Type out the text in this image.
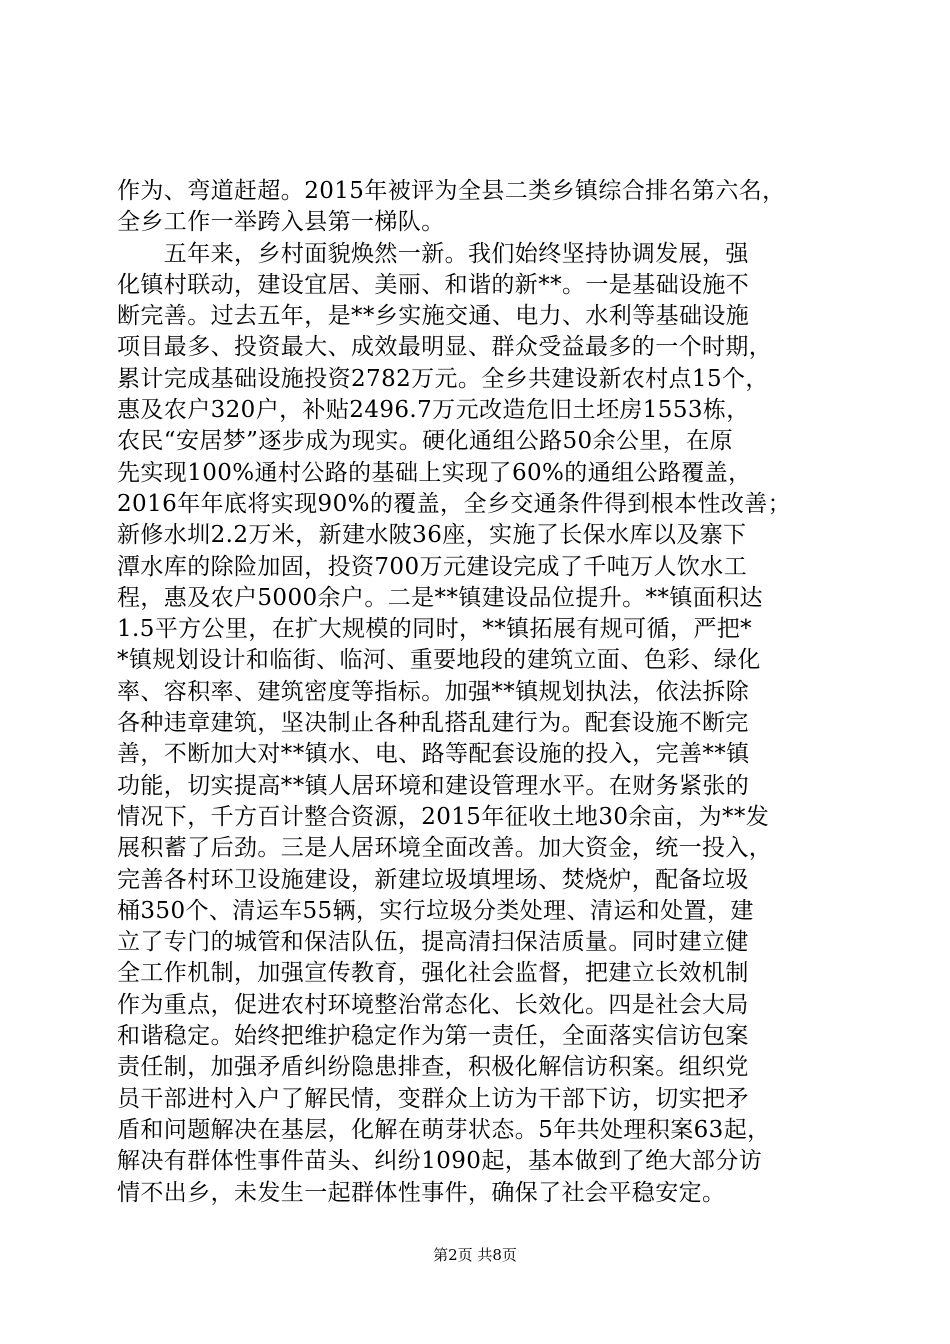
作为、弯道赶超。2015年被评为全县二类乡镇综合排名第六名，
全乡工作一举跨入县第一梯队。
　　五年来，乡村面貌焕然一新。我们始终坚持协调发展，强
化镇村联动，建设宜居、美丽、和谐的新**。一是基础设施不
断完善。过去五年，是**乡实施交通、电力、水利等基础设施
项目最多、投资最大、成效最明显、群众受益最多的一个时期，
累计完成基础设施投资2782万元。全乡共建设新农村点15个，
惠及农户320户，补贴2496.7万元改造危旧土坯房1553栋，
农民“安居梦”逐步成为现实。硬化通组公路50余公里，在原
先实现100%通村公路的基础上实现了60%的通组公路覆盖，
2016年年底将实现90%的覆盖，全乡交通条件得到根本性改善；
新修水圳2.2万米，新建水陂36座，实施了长保水库以及寨下
潭水库的除险加固，投资700万元建设完成了千吨万人饮水工
程，惠及农户5000余户。二是**镇建设品位提升。**镇面积达
1.5平方公里，在扩大规模的同时，**镇拓展有规可循，严把*
*镇规划设计和临街、临河、重要地段的建筑立面、色彩、绿化
率、容积率、建筑密度等指标。加强**镇规划执法，依法拆除
各种违章建筑，坚决制止各种乱搭乱建行为。配套设施不断完
善，不断加大对**镇水、电、路等配套设施的投入，完善**镇
功能，切实提高**镇人居环境和建设管理水平。在财务紧张的
情况下，千方百计整合资源，2015年征收土地30余亩，为**发
展积蓄了后劲。三是人居环境全面改善。加大资金，统一投入，
完善各村环卫设施建设，新建垃圾填埋场、焚烧炉，配备垃圾
桶350个、清运车55辆，实行垃圾分类处理、清运和处置，建
立了专门的城管和保洁队伍，提高清扫保洁质量。同时建立健
全工作机制，加强宣传教育，强化社会监督，把建立长效机制
作为重点，促进农村环境整治常态化、长效化。四是社会大局
和谐稳定。始终把维护稳定作为第一责任，全面落实信访包案
责任制，加强矛盾纠纷隐患排查，积极化解信访积案。组织党
员干部进村入户了解民情，变群众上访为干部下访，切实把矛
盾和问题解决在基层，化解在萌芽状态。5年共处理积案63起，
解决有群体性事件苗头、纠纷1090起，基本做到了绝大部分访
情不出乡，未发生一起群体性事件，确保了社会平稳安定。
第2页 共8页
